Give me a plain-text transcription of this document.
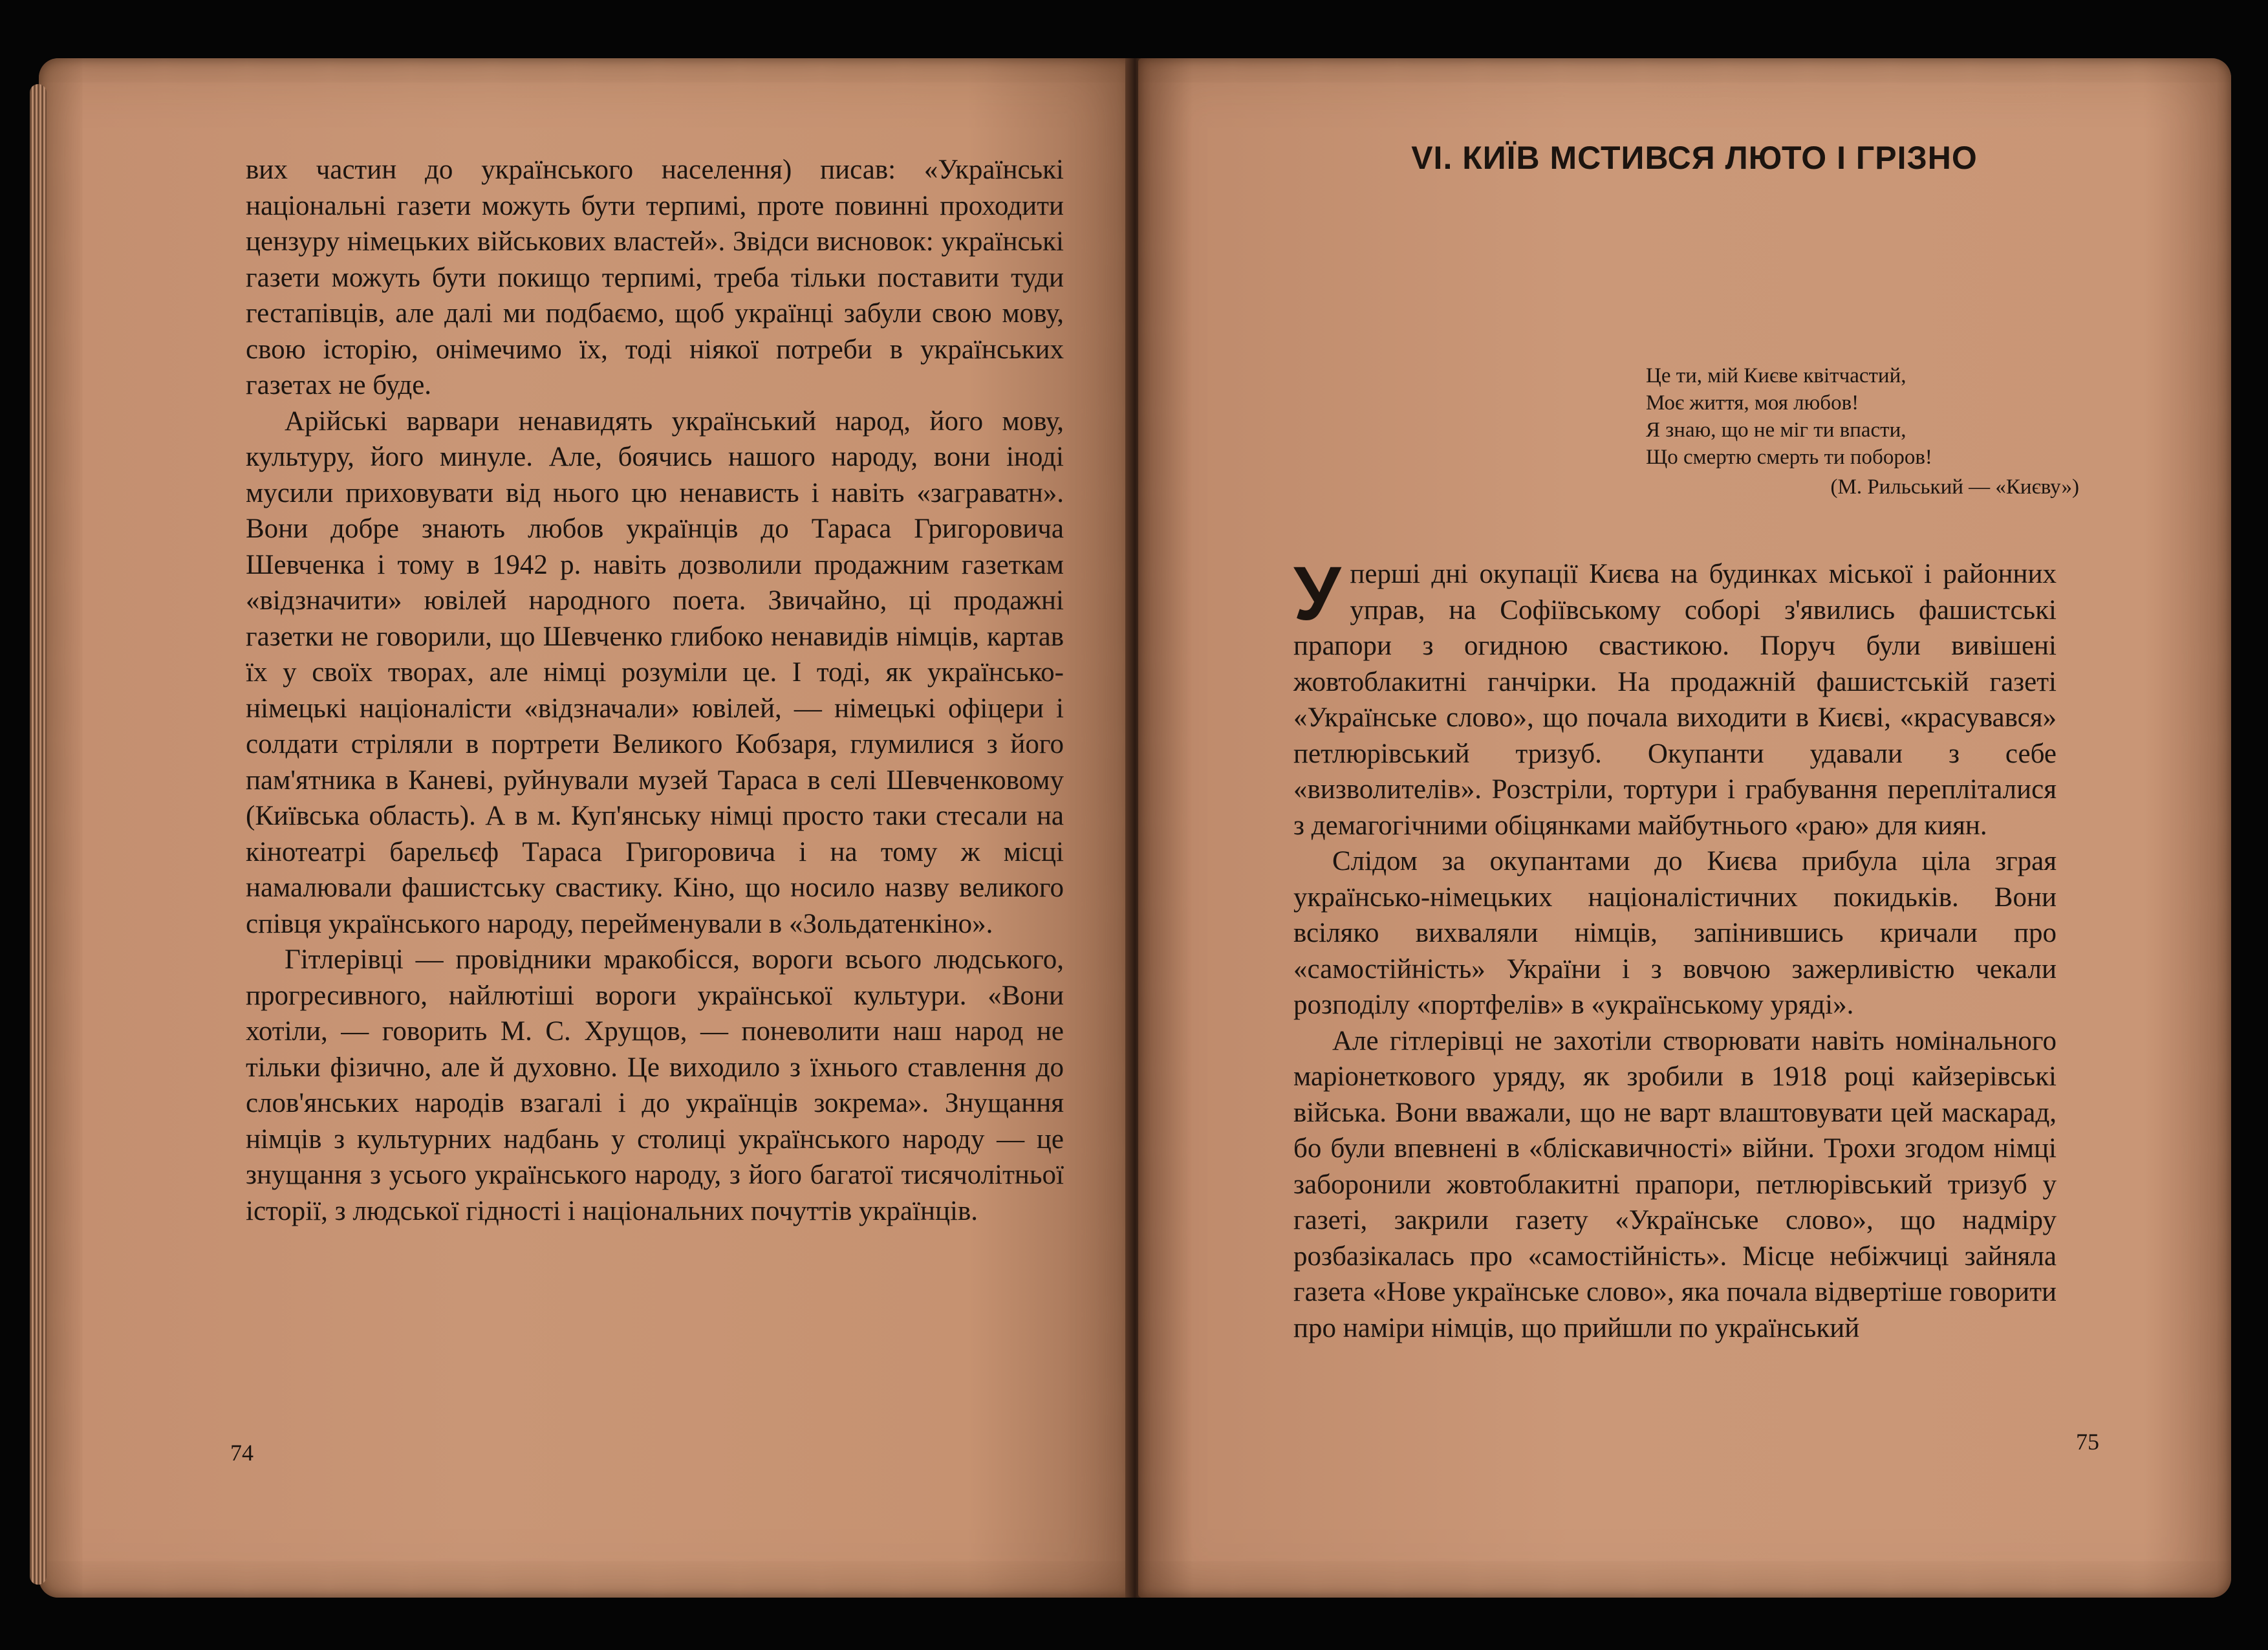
вих частин до українського населення) писав: «Українські національні газети можуть бути терпимі, проте повинні проходити цензуру німецьких військових властей». Звідси висновок: українські газети можуть бути покищо терпимі, треба тільки поставити туди гестапівців, але далі ми подбаємо, щоб українці забули свою мову, свою історію, онімечимо їх, тоді ніякої потреби в українських газетах не буде.

Арійські варвари ненавидять український народ, його мову, культуру, його минуле. Але, боячись нашого народу, вони іноді мусили приховувати від нього цю ненависть і навіть «заграватн». Вони добре знають любов українців до Тараса Григоровича Шевченка і тому в 1942 р. навіть дозволили продажним газеткам «відзначити» ювілей народного поета. Звичайно, ці продажні газетки не говорили, що Шевченко глибоко ненавидів німців, картав їх у своїх творах, але німці розуміли це. І тоді, як українсько-німецькі націоналісти «відзначали» ювілей, — німецькі офіцери і солдати стріляли в портрети Великого Кобзаря, глумилися з його пам'ятника в Каневі, руйнували музей Тараса в селі Шевченковому (Київська область). А в м. Куп'янську німці просто таки стесали на кінотеатрі барельєф Тараса Григоровича і на тому ж місці намалювали фашистську свастику. Кіно, що носило назву великого співця українського народу, перейменували в «Зольдатенкіно».

Гітлерівці — провідники мракобісся, вороги всього людського, прогресивного, найлютіші вороги української культури. «Вони хотіли, — говорить М. С. Хрущов, — поневолити наш народ не тільки фізично, але й духовно. Це виходило з їхнього ставлення до слов'янських народів взагалі і до українців зокрема». Знущання німців з культурних надбань у столиці українського народу — це знущання з усього українського народу, з його багатої тисячолітньої історії, з людської гідності і національних почуттів українців.

74
VI. КИЇВ МСТИВСЯ ЛЮТО І ГРІЗНО
Це ти, мій Києве квітчастий,
Моє життя, моя любов!
Я знаю, що не міг ти впасти,
Що смертю смерть ти поборов!
(М. Рильський — «Києву»)

Уперші дні окупації Києва на будинках міської і районних управ, на Софіївському соборі з'явились фашистські прапори з огидною свастикою. Поруч були вивішені жовтоблакитні ганчірки. На продажній фашистській газеті «Українське слово», що почала виходити в Києві, «красувався» петлюрівський тризуб. Окупанти удавали з себе «визволителів». Розстріли, тортури і грабування перепліталися з демагогічними обіцянками майбутнього «раю» для киян.

Слідом за окупантами до Києва прибула ціла зграя українсько-німецьких націоналістичних покидьків. Вони всіляко вихваляли німців, запінившись кричали про «самостійність» України і з вовчою зажерливістю чекали розподілу «портфелів» в «українському уряді».

Але гітлерівці не захотіли створювати навіть номінального маріонеткового уряду, як зробили в 1918 році кайзерівські війська. Вони вважали, що не варт влаштовувати цей маскарад, бо були впевнені в «бліскавичності» війни. Трохи згодом німці заборонили жовтоблакитні прапори, петлюрівський тризуб у газеті, закрили газету «Українське слово», що надміру розбазікалась про «самостійність». Місце небіжчиці зайняла газета «Нове українське слово», яка почала відвертіше говорити про наміри німців, що прийшли по український

75
